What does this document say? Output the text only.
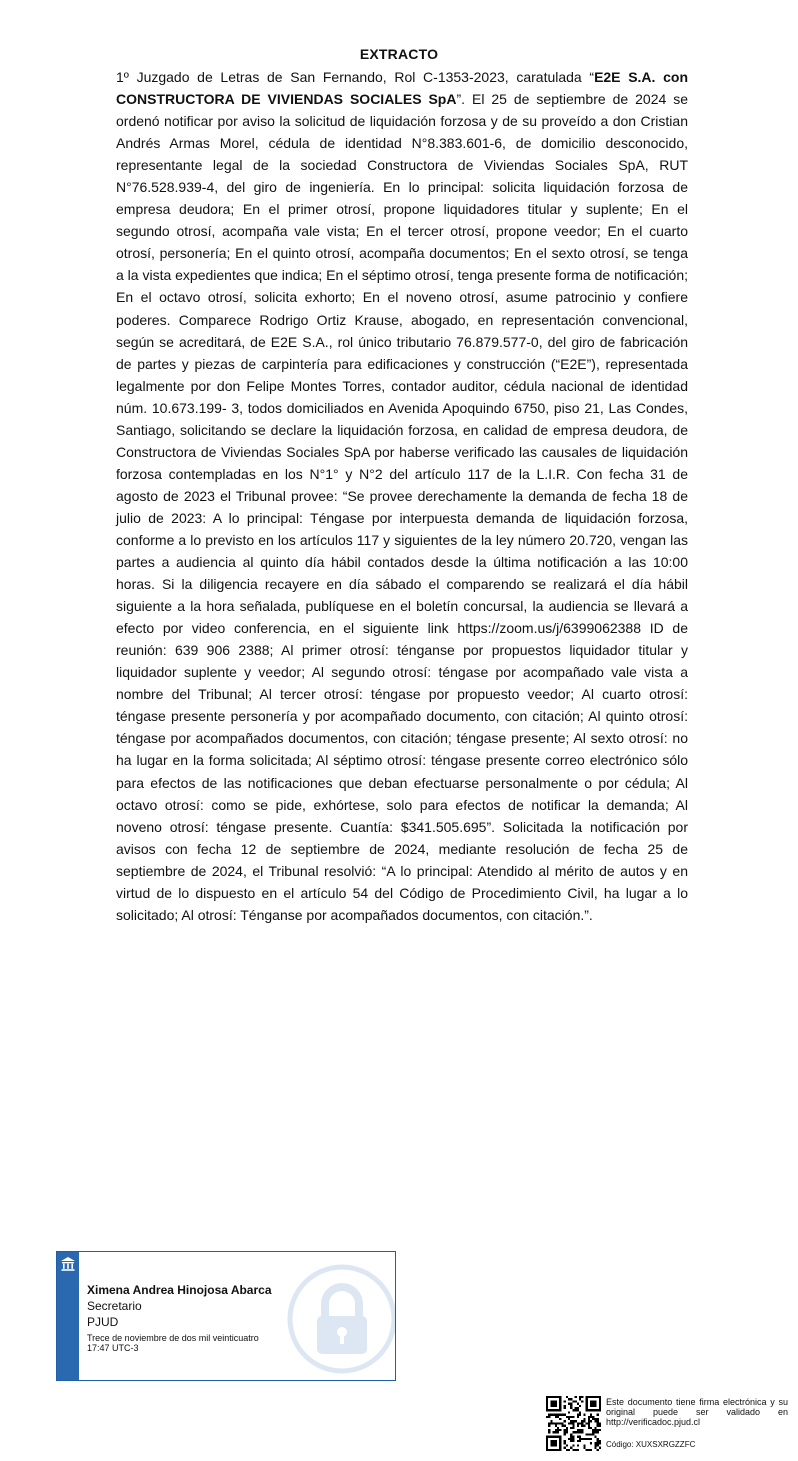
EXTRACTO

1º Juzgado de Letras de San Fernando, Rol C-1353-2023, caratulada “E2E S.A. con CONSTRUCTORA DE VIVIENDAS SOCIALES SpA”. El 25 de septiembre de 2024 se ordenó notificar por aviso la solicitud de liquidación forzosa y de su proveído a don Cristian Andrés Armas Morel, cédula de identidad N°8.383.601-6, de domicilio desconocido, representante legal de la sociedad Constructora de Viviendas Sociales SpA, RUT N°76.528.939-4, del giro de ingeniería. En lo principal: solicita liquidación forzosa de empresa deudora; En el primer otrosí, propone liquidadores titular y suplente; En el segundo otrosí, acompaña vale vista; En el tercer otrosí, propone veedor; En el cuarto otrosí, personería; En el quinto otrosí, acompaña documentos; En el sexto otrosí, se tenga a la vista expedientes que indica; En el séptimo otrosí, tenga presente forma de notificación; En el octavo otrosí, solicita exhorto; En el noveno otrosí, asume patrocinio y confiere poderes. Comparece Rodrigo Ortiz Krause, abogado, en representación convencional, según se acreditará, de E2E S.A., rol único tributario 76.879.577-0, del giro de fabricación de partes y piezas de carpintería para edificaciones y construcción (“E2E”), representada legalmente por don Felipe Montes Torres, contador auditor, cédula nacional de identidad núm. 10.673.199- 3, todos domiciliados en Avenida Apoquindo 6750, piso 21, Las Condes, Santiago, solicitando se declare la liquidación forzosa, en calidad de empresa deudora, de Constructora de Viviendas Sociales SpA por haberse verificado las causales de liquidación forzosa contempladas en los N°1° y N°2 del artículo 117 de la L.I.R. Con fecha 31 de agosto de 2023 el Tribunal provee: “Se provee derechamente la demanda de fecha 18 de julio de 2023: A lo principal: Téngase por interpuesta demanda de liquidación forzosa, conforme a lo previsto en los artículos 117 y siguientes de la ley número 20.720, vengan las partes a audiencia al quinto día hábil contados desde la última notificación a las 10:00 horas. Si la diligencia recayere en día sábado el comparendo se realizará el día hábil siguiente a la hora señalada, publíquese en el boletín concursal, la audiencia se llevará a efecto por video conferencia, en el siguiente link https://zoom.us/j/6399062388 ID de reunión: 639 906 2388; Al primer otrosí: ténganse por propuestos liquidador titular y liquidador suplente y veedor; Al segundo otrosí: téngase por acompañado vale vista a nombre del Tribunal; Al tercer otrosí: téngase por propuesto veedor; Al cuarto otrosí: téngase presente personería y por acompañado documento, con citación; Al quinto otrosí: téngase por acompañados documentos, con citación; téngase presente; Al sexto otrosí: no ha lugar en la forma solicitada; Al séptimo otrosí: téngase presente correo electrónico sólo para efectos de las notificaciones que deban efectuarse personalmente o por cédula; Al octavo otrosí: como se pide, exhórtese, solo para efectos de notificar la demanda; Al noveno otrosí: téngase presente. Cuantía: $341.505.695”. Solicitada la notificación por avisos con fecha 12 de septiembre de 2024, mediante resolución de fecha 25 de septiembre de 2024, el Tribunal resolvió: “A lo principal: Atendido al mérito de autos y en virtud de lo dispuesto en el artículo 54 del Código de Procedimiento Civil, ha lugar a lo solicitado; Al otrosí: Ténganse por acompañados documentos, con citación.”.

Ximena Andrea Hinojosa Abarca
Secretario
PJUD
Trece de noviembre de dos mil veinticuatro
17:47 UTC-3
Este documento tiene firma electrónica y su original puede ser validado en http://verificadoc.pjud.cl
Código: XUXSXRGZZFC
